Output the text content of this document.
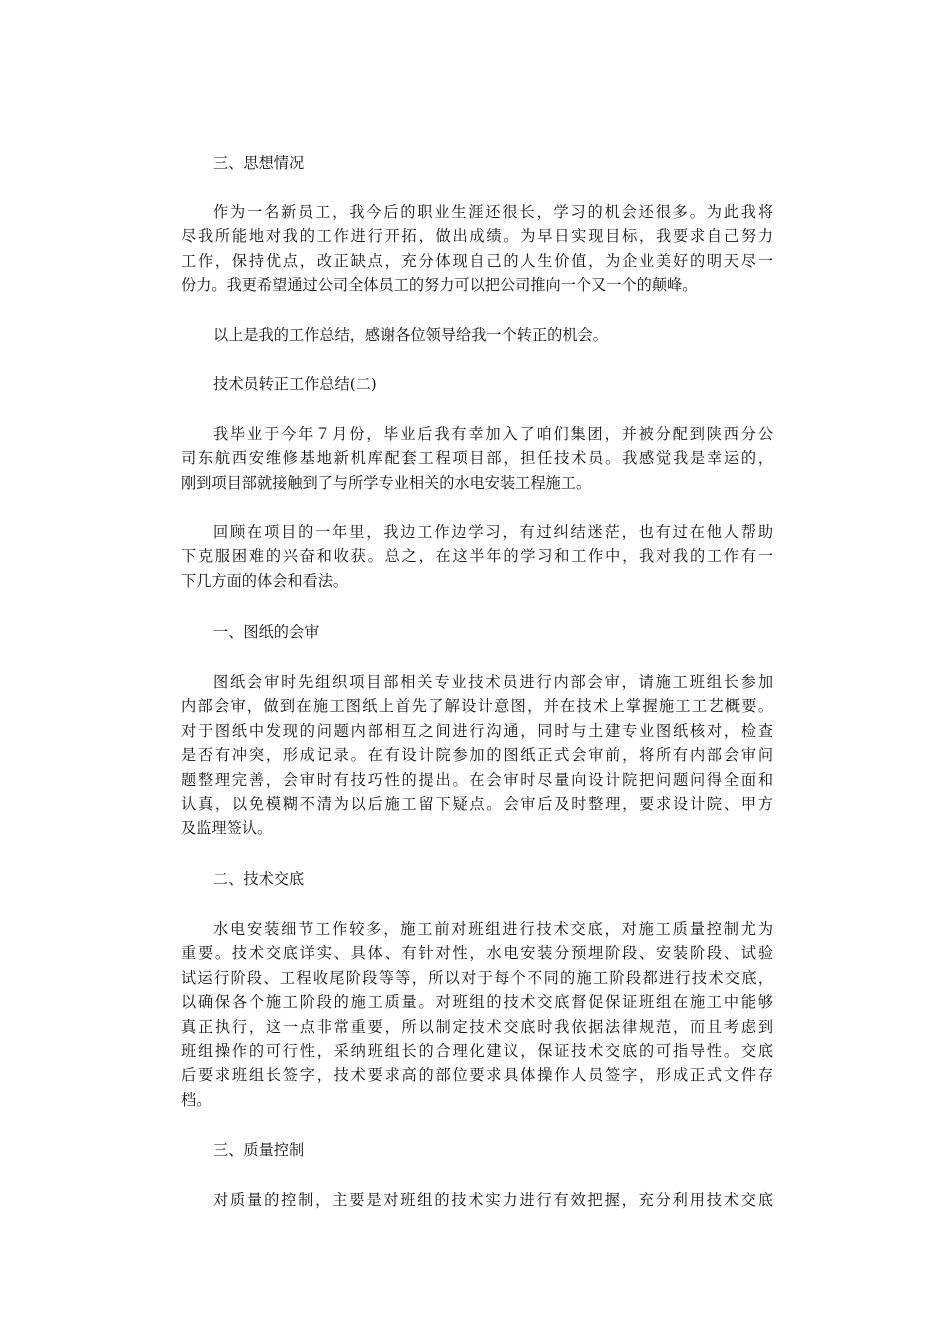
三、思想情况
作为一名新员工，我今后的职业生涯还很长，学习的机会还很多。为此我将
尽我所能地对我的工作进行开拓，做出成绩。为早日实现目标，我要求自己努力
工作，保持优点，改正缺点，充分体现自己的人生价值，为企业美好的明天尽一
份力。我更希望通过公司全体员工的努力可以把公司推向一个又一个的颠峰。
以上是我的工作总结，感谢各位领导给我一个转正的机会。
技术员转正工作总结(二)
我毕业于今年７月份，毕业后我有幸加入了咱们集团，并被分配到陕西分公
司东航西安维修基地新机库配套工程项目部，担任技术员。我感觉我是幸运的，
刚到项目部就接触到了与所学专业相关的水电安装工程施工。
回顾在项目的一年里，我边工作边学习，有过纠结迷茫，也有过在他人帮助
下克服困难的兴奋和收获。总之，在这半年的学习和工作中，我对我的工作有一
下几方面的体会和看法。
一、图纸的会审
图纸会审时先组织项目部相关专业技术员进行内部会审，请施工班组长参加
内部会审，做到在施工图纸上首先了解设计意图，并在技术上掌握施工工艺概要。
对于图纸中发现的问题内部相互之间进行沟通，同时与土建专业图纸核对，检查
是否有冲突，形成记录。在有设计院参加的图纸正式会审前，将所有内部会审问
题整理完善，会审时有技巧性的提出。在会审时尽量向设计院把问题问得全面和
认真，以免模糊不清为以后施工留下疑点。会审后及时整理，要求设计院、甲方
及监理签认。
二、技术交底
水电安装细节工作较多，施工前对班组进行技术交底，对施工质量控制尤为
重要。技术交底详实、具体、有针对性，水电安装分预埋阶段、安装阶段、试验
试运行阶段、工程收尾阶段等等，所以对于每个不同的施工阶段都进行技术交底，
以确保各个施工阶段的施工质量。对班组的技术交底督促保证班组在施工中能够
真正执行，这一点非常重要，所以制定技术交底时我依据法律规范，而且考虑到
班组操作的可行性，采纳班组长的合理化建议，保证技术交底的可指导性。交底
后要求班组长签字，技术要求高的部位要求具体操作人员签字，形成正式文件存
档。
三、质量控制
对质量的控制，主要是对班组的技术实力进行有效把握，充分利用技术交底
